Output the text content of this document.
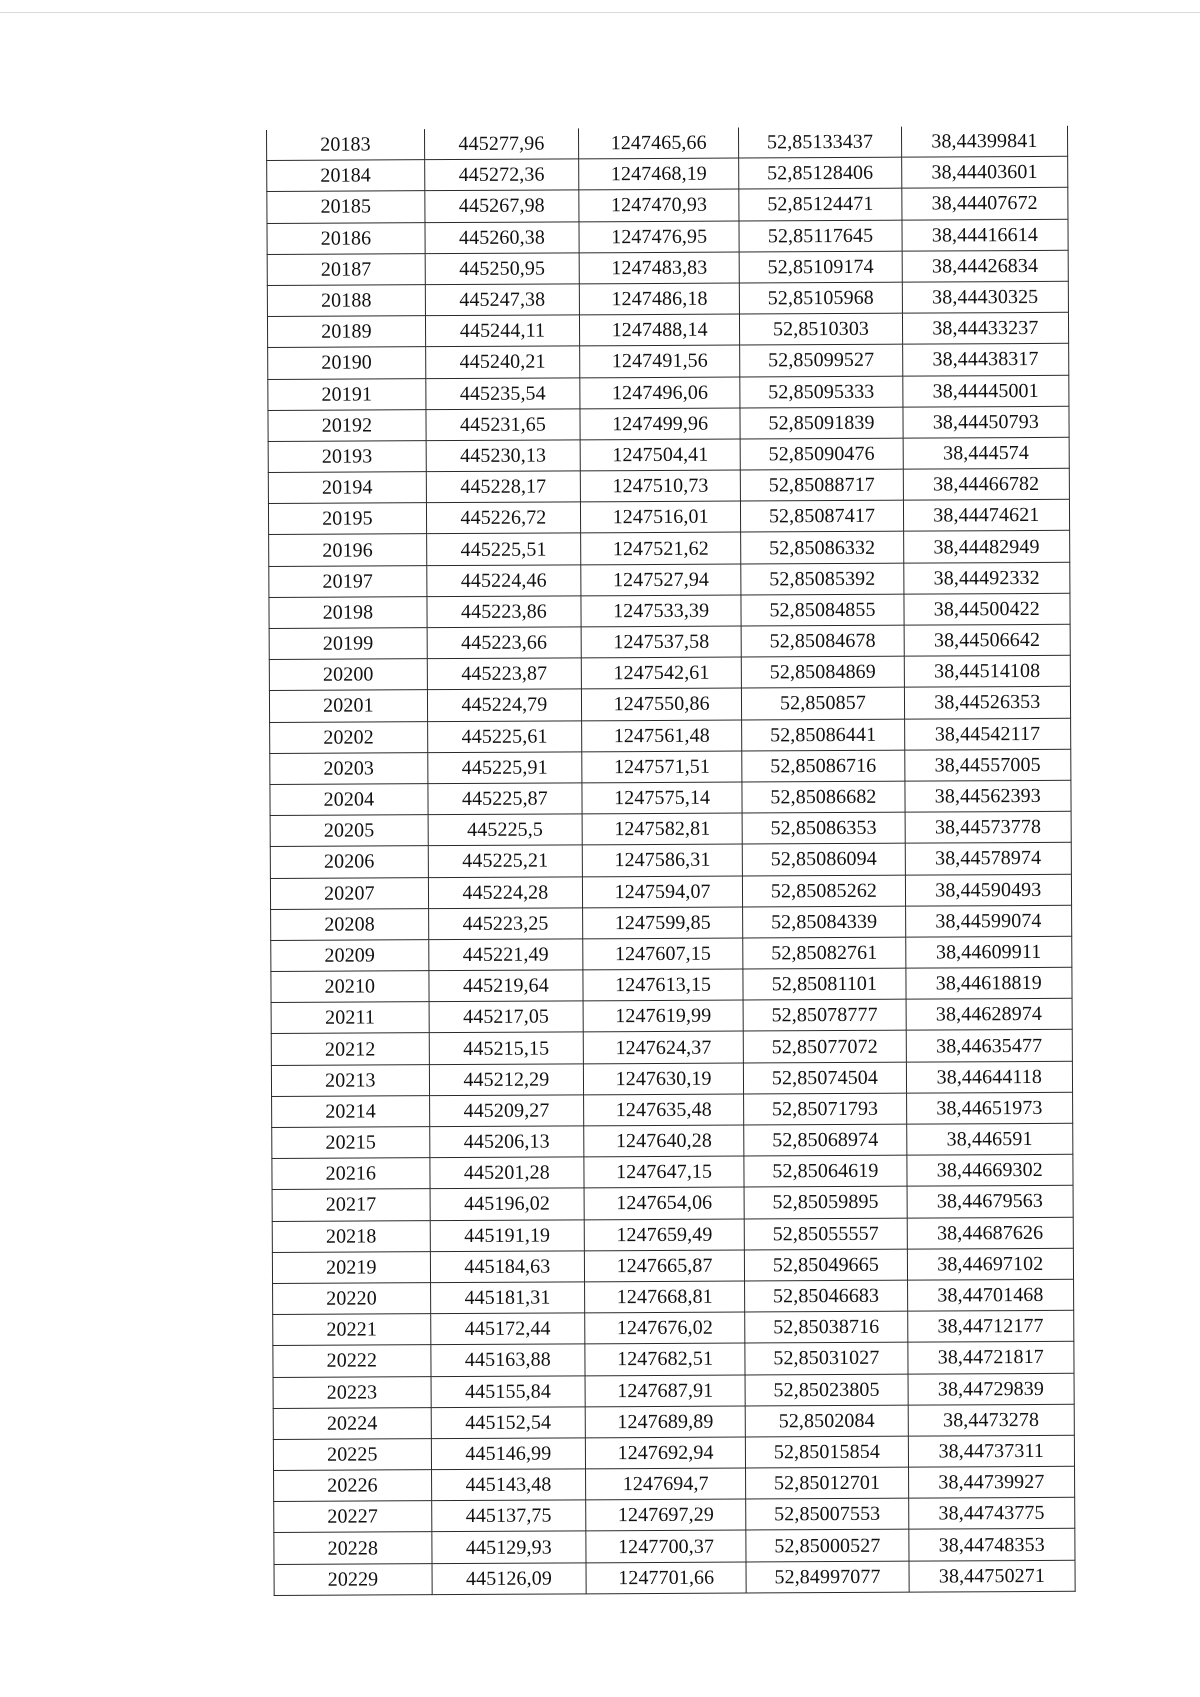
20183	445277,96	1247465,66	52,85133437	38,44399841
20184	445272,36	1247468,19	52,85128406	38,44403601
20185	445267,98	1247470,93	52,85124471	38,44407672
20186	445260,38	1247476,95	52,85117645	38,44416614
20187	445250,95	1247483,83	52,85109174	38,44426834
20188	445247,38	1247486,18	52,85105968	38,44430325
20189	445244,11	1247488,14	52,8510303	38,44433237
20190	445240,21	1247491,56	52,85099527	38,44438317
20191	445235,54	1247496,06	52,85095333	38,44445001
20192	445231,65	1247499,96	52,85091839	38,44450793
20193	445230,13	1247504,41	52,85090476	38,444574
20194	445228,17	1247510,73	52,85088717	38,44466782
20195	445226,72	1247516,01	52,85087417	38,44474621
20196	445225,51	1247521,62	52,85086332	38,44482949
20197	445224,46	1247527,94	52,85085392	38,44492332
20198	445223,86	1247533,39	52,85084855	38,44500422
20199	445223,66	1247537,58	52,85084678	38,44506642
20200	445223,87	1247542,61	52,85084869	38,44514108
20201	445224,79	1247550,86	52,850857	38,44526353
20202	445225,61	1247561,48	52,85086441	38,44542117
20203	445225,91	1247571,51	52,85086716	38,44557005
20204	445225,87	1247575,14	52,85086682	38,44562393
20205	445225,5	1247582,81	52,85086353	38,44573778
20206	445225,21	1247586,31	52,85086094	38,44578974
20207	445224,28	1247594,07	52,85085262	38,44590493
20208	445223,25	1247599,85	52,85084339	38,44599074
20209	445221,49	1247607,15	52,85082761	38,44609911
20210	445219,64	1247613,15	52,85081101	38,44618819
20211	445217,05	1247619,99	52,85078777	38,44628974
20212	445215,15	1247624,37	52,85077072	38,44635477
20213	445212,29	1247630,19	52,85074504	38,44644118
20214	445209,27	1247635,48	52,85071793	38,44651973
20215	445206,13	1247640,28	52,85068974	38,446591
20216	445201,28	1247647,15	52,85064619	38,44669302
20217	445196,02	1247654,06	52,85059895	38,44679563
20218	445191,19	1247659,49	52,85055557	38,44687626
20219	445184,63	1247665,87	52,85049665	38,44697102
20220	445181,31	1247668,81	52,85046683	38,44701468
20221	445172,44	1247676,02	52,85038716	38,44712177
20222	445163,88	1247682,51	52,85031027	38,44721817
20223	445155,84	1247687,91	52,85023805	38,44729839
20224	445152,54	1247689,89	52,8502084	38,4473278
20225	445146,99	1247692,94	52,85015854	38,44737311
20226	445143,48	1247694,7	52,85012701	38,44739927
20227	445137,75	1247697,29	52,85007553	38,44743775
20228	445129,93	1247700,37	52,85000527	38,44748353
20229	445126,09	1247701,66	52,84997077	38,44750271
